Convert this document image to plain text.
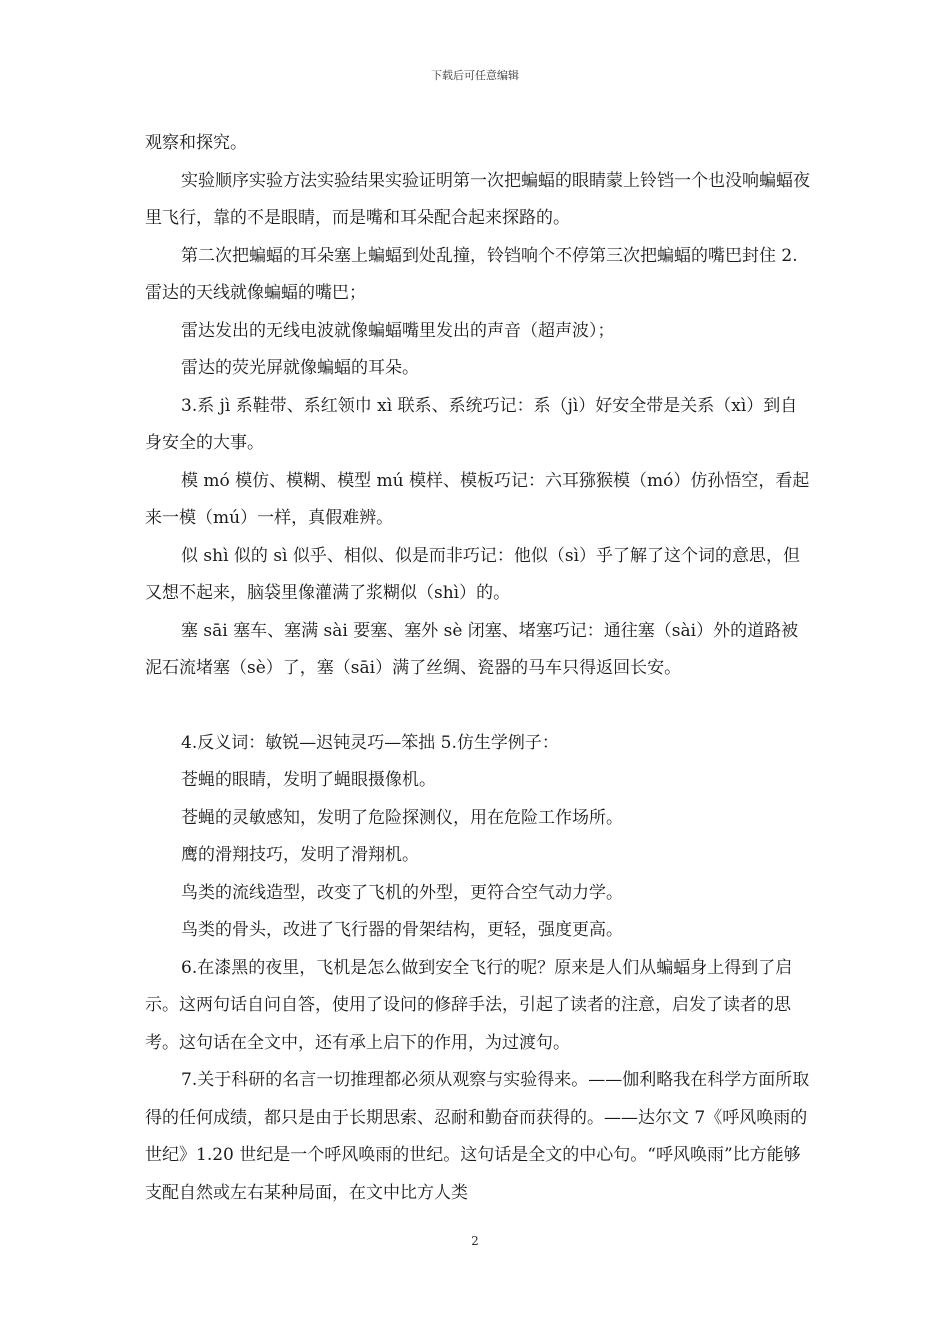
下载后可任意编辑

观察和探究。

实验顺序实验方法实验结果实验证明第一次把蝙蝠的眼睛蒙上铃铛一个也没响蝙蝠夜里飞行，靠的不是眼睛，而是嘴和耳朵配合起来探路的。

第二次把蝙蝠的耳朵塞上蝙蝠到处乱撞，铃铛响个不停第三次把蝙蝠的嘴巴封住 2.雷达的天线就像蝙蝠的嘴巴；

雷达发出的无线电波就像蝙蝠嘴里发出的声音（超声波）；

雷达的荧光屏就像蝙蝠的耳朵。

3.系 jì 系鞋带、系红领巾 xì 联系、系统巧记：系（jì）好安全带是关系（xì）到自身安全的大事。

模 mó 模仿、模糊、模型 mú 模样、模板巧记：六耳猕猴模（mó）仿孙悟空，看起来一模（mú）一样，真假难辨。

似 shì 似的 sì 似乎、相似、似是而非巧记：他似（sì）乎了解了这个词的意思，但又想不起来，脑袋里像灌满了浆糊似（shì）的。

塞 sāi 塞车、塞满 sài 要塞、塞外 sè 闭塞、堵塞巧记：通往塞（sài）外的道路被泥石流堵塞（sè）了，塞（sāi）满了丝绸、瓷器的马车只得返回长安。

4.反义词：敏锐—迟钝灵巧—笨拙 5.仿生学例子：

苍蝇的眼睛，发明了蝇眼摄像机。

苍蝇的灵敏感知，发明了危险探测仪，用在危险工作场所。

鹰的滑翔技巧，发明了滑翔机。

鸟类的流线造型，改变了飞机的外型，更符合空气动力学。

鸟类的骨头，改进了飞行器的骨架结构，更轻，强度更高。

6.在漆黑的夜里，飞机是怎么做到安全飞行的呢？原来是人们从蝙蝠身上得到了启示。这两句话自问自答，使用了设问的修辞手法，引起了读者的注意，启发了读者的思考。这句话在全文中，还有承上启下的作用，为过渡句。

7.关于科研的名言一切推理都必须从观察与实验得来。——伽利略我在科学方面所取得的任何成绩，都只是由于长期思索、忍耐和勤奋而获得的。——达尔文 7《呼风唤雨的世纪》1.20 世纪是一个呼风唤雨的世纪。这句话是全文的中心句。“呼风唤雨”比方能够支配自然或左右某种局面，在文中比方人类

2
